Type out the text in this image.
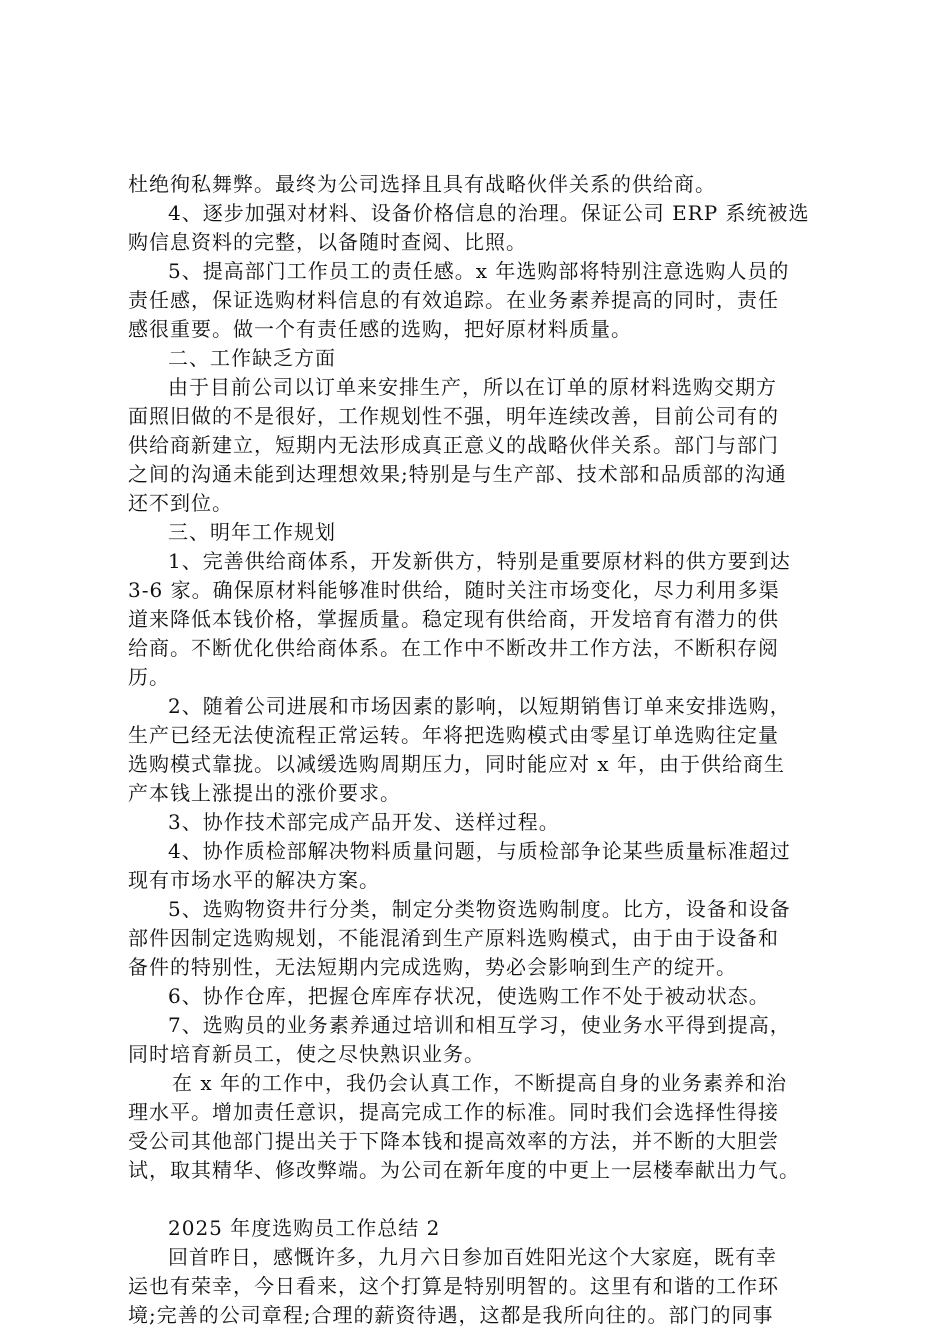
杜绝徇私舞弊。最终为公司选择且具有战略伙伴关系的供给商。
4、逐步加强对材料、设备价格信息的治理。保证公司 ERP 系统被选
购信息资料的完整，以备随时查阅、比照。
5、提高部门工作员工的责任感。x 年选购部将特别注意选购人员的
责任感，保证选购材料信息的有效追踪。在业务素养提高的同时，责任
感很重要。做一个有责任感的选购，把好原材料质量。
二、工作缺乏方面
由于目前公司以订单来安排生产，所以在订单的原材料选购交期方
面照旧做的不是很好，工作规划性不强，明年连续改善，目前公司有的
供给商新建立，短期内无法形成真正意义的战略伙伴关系。部门与部门
之间的沟通未能到达理想效果;特别是与生产部、技术部和品质部的沟通
还不到位。
三、明年工作规划
1、完善供给商体系，开发新供方，特别是重要原材料的供方要到达
3-6 家。确保原材料能够准时供给，随时关注市场变化，尽力利用多渠
道来降低本钱价格，掌握质量。稳定现有供给商，开发培育有潜力的供
给商。不断优化供给商体系。在工作中不断改井工作方法，不断积存阅
历。
2、随着公司进展和市场因素的影响，以短期销售订单来安排选购，
生产已经无法使流程正常运转。年将把选购模式由零星订单选购往定量
选购模式靠拢。以减缓选购周期压力，同时能应对 x 年，由于供给商生
产本钱上涨提出的涨价要求。
3、协作技术部完成产品开发、送样过程。
4、协作质检部解决物料质量问题，与质检部争论某些质量标准超过
现有市场水平的解决方案。
5、选购物资井行分类，制定分类物资选购制度。比方，设备和设备
部件因制定选购规划，不能混淆到生产原料选购模式，由于由于设备和
备件的特别性，无法短期内完成选购，势必会影响到生产的绽开。
6、协作仓库，把握仓库库存状况，使选购工作不处于被动状态。
7、选购员的业务素养通过培训和相互学习，使业务水平得到提高，
同时培育新员工，使之尽快熟识业务。
在 x 年的工作中，我仍会认真工作，不断提高自身的业务素养和治
理水平。增加责任意识，提高完成工作的标准。同时我们会选择性得接
受公司其他部门提出关于下降本钱和提高效率的方法，并不断的大胆尝
试，取其精华、修改弊端。为公司在新年度的中更上一层楼奉献出力气。
2025 年度选购员工作总结 2
回首昨日，感慨许多，九月六日参加百姓阳光这个大家庭，既有幸
运也有荣幸，今日看来，这个打算是特别明智的。这里有和谐的工作环
境;完善的公司章程;合理的薪资待遇，这都是我所向往的。部门的同事
